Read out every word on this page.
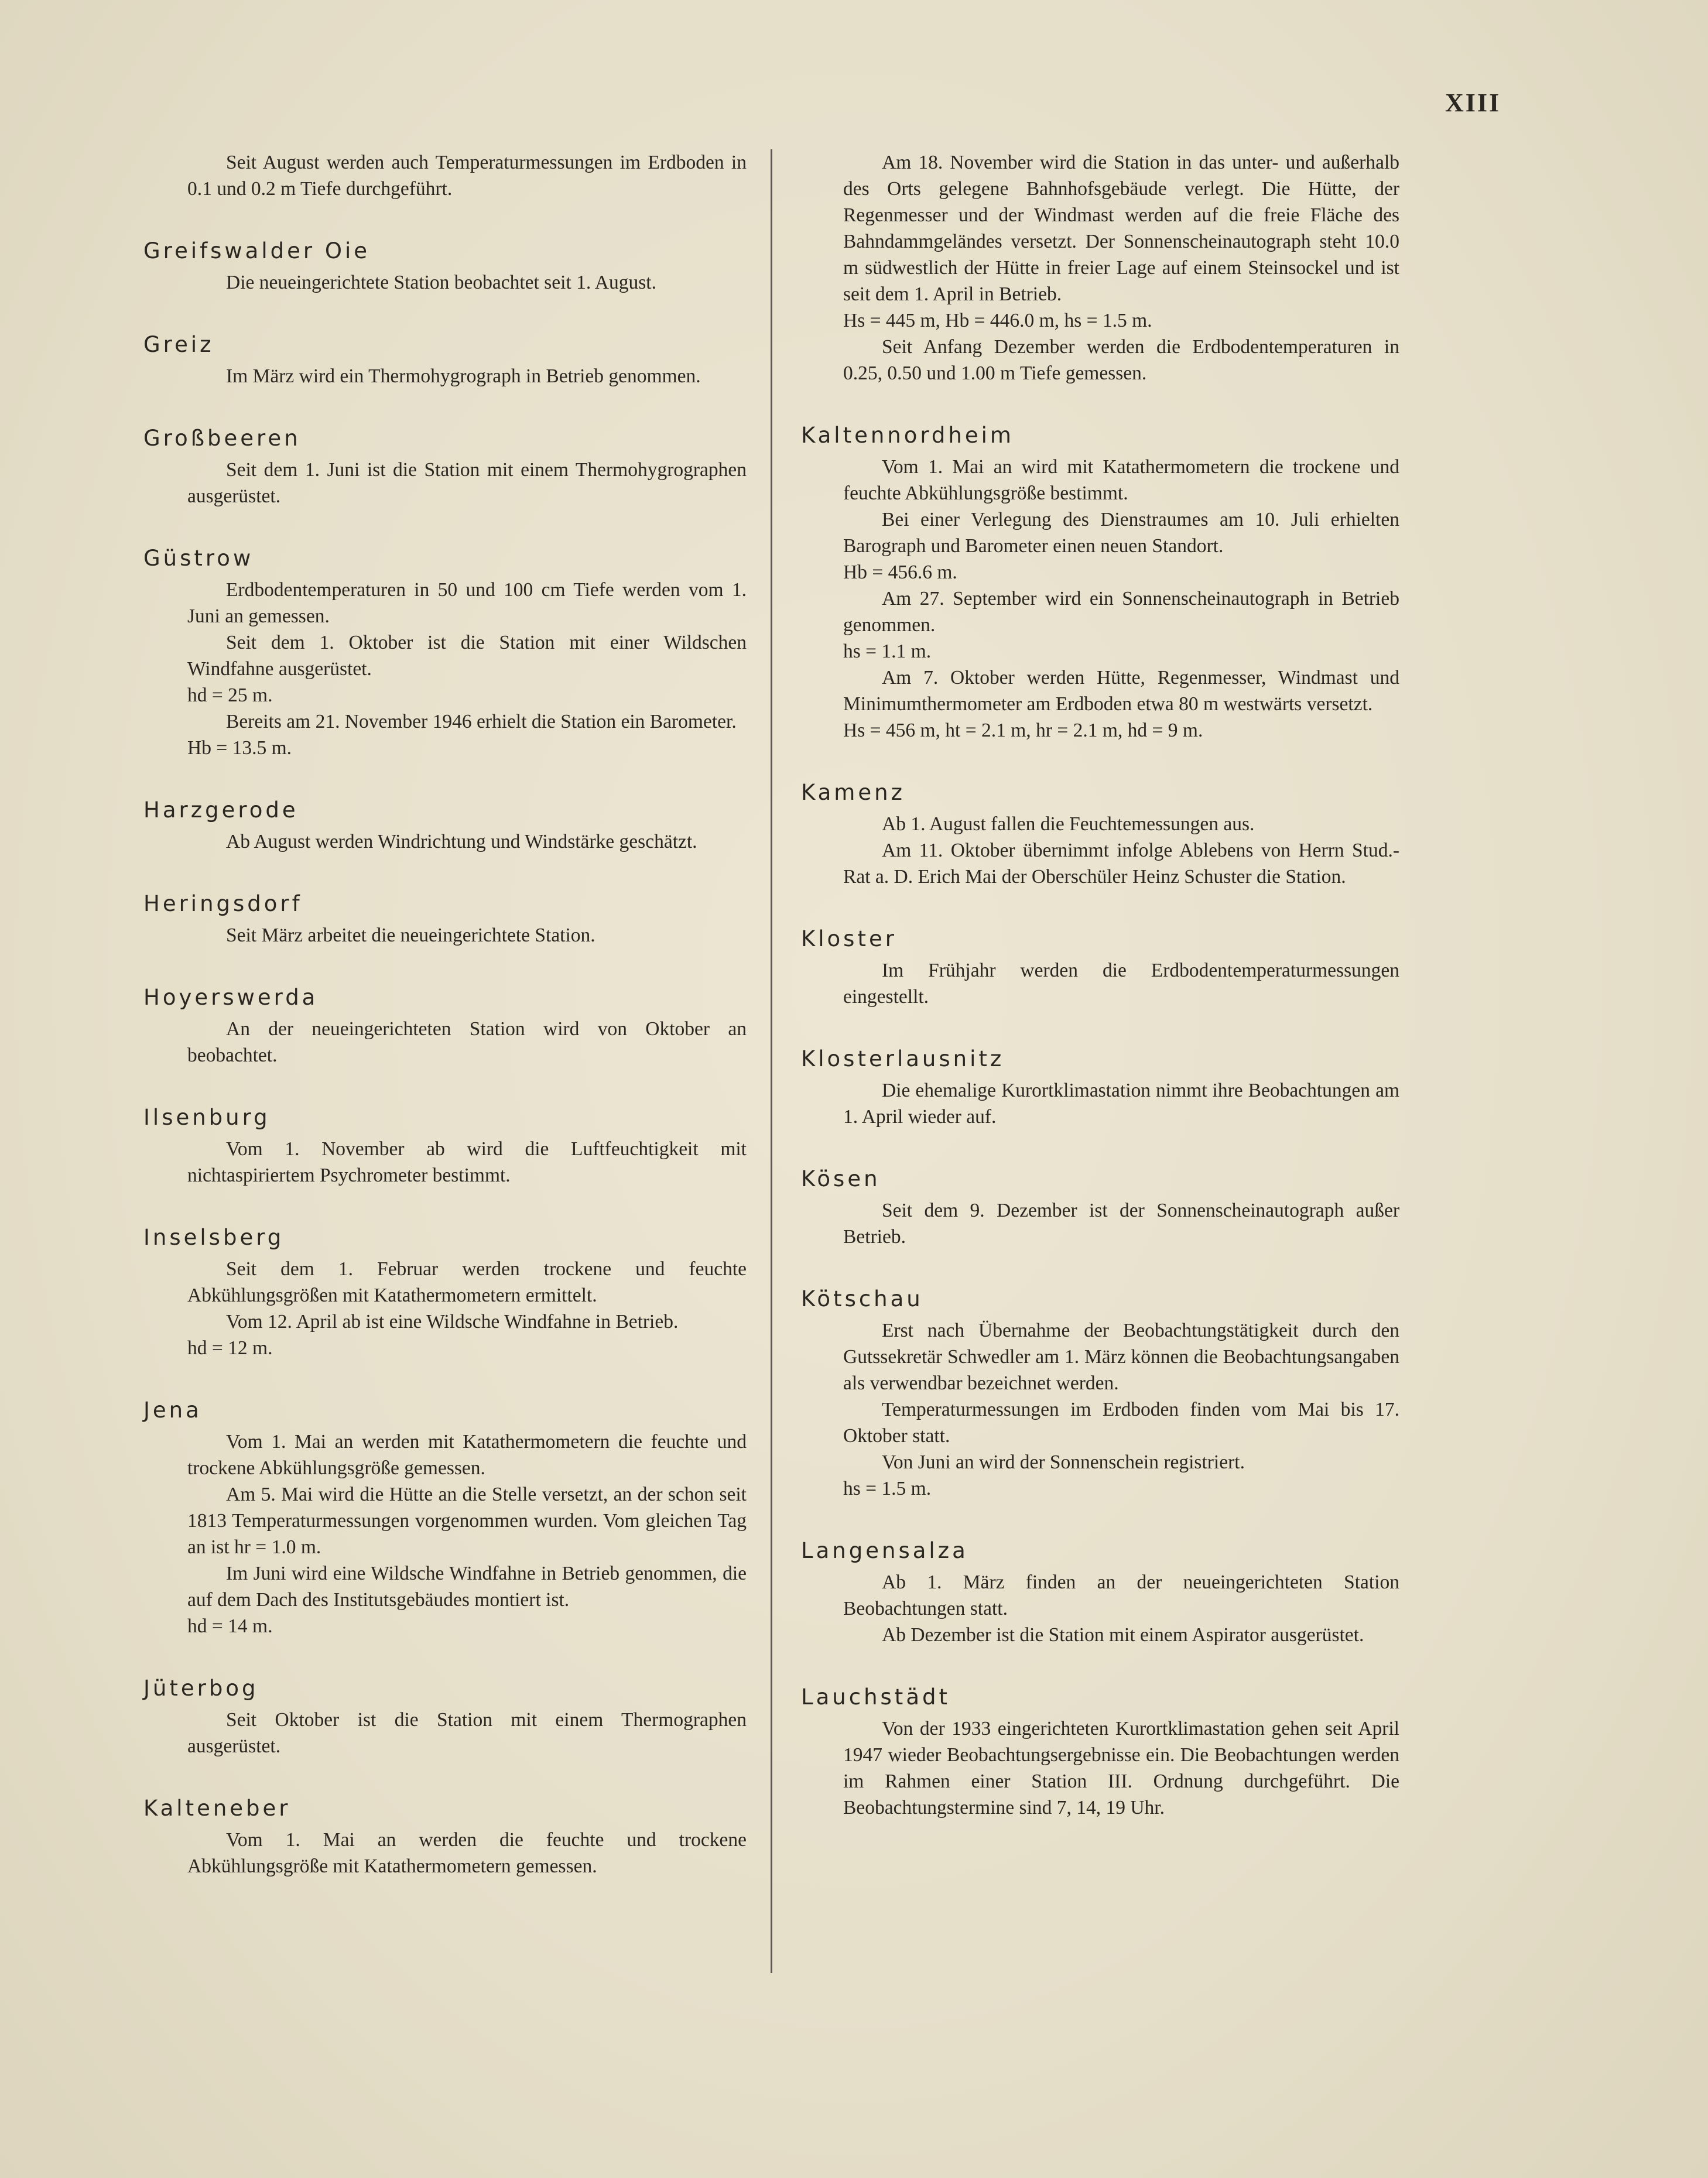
XIII

Seit August werden auch Temperaturmessungen im Erdboden in 0.1 und 0.2 m Tiefe durchgeführt.

Greifswalder Oie

Die neueingerichtete Station beobachtet seit 1. August.

Greiz

Im März wird ein Thermohygrograph in Betrieb genommen.

Großbeeren

Seit dem 1. Juni ist die Station mit einem Thermohygrographen ausgerüstet.

Güstrow

Erdbodentemperaturen in 50 und 100 cm Tiefe werden vom 1. Juni an gemessen.

Seit dem 1. Oktober ist die Station mit einer Wildschen Windfahne ausgerüstet.

hd = 25 m.

Bereits am 21. November 1946 erhielt die Station ein Barometer.

Hb = 13.5 m.

Harzgerode

Ab August werden Windrichtung und Windstärke geschätzt.

Heringsdorf

Seit März arbeitet die neueingerichtete Station.

Hoyerswerda

An der neueingerichteten Station wird von Oktober an beobachtet.

Ilsenburg

Vom 1. November ab wird die Luftfeuchtigkeit mit nichtaspiriertem Psychrometer bestimmt.

Inselsberg

Seit dem 1. Februar werden trockene und feuchte Abkühlungsgrößen mit Katathermometern ermittelt.

Vom 12. April ab ist eine Wildsche Windfahne in Betrieb.

hd = 12 m.

Jena

Vom 1. Mai an werden mit Katathermometern die feuchte und trockene Abkühlungsgröße gemessen.

Am 5. Mai wird die Hütte an die Stelle versetzt, an der schon seit 1813 Temperaturmessungen vorgenommen wurden. Vom gleichen Tag an ist hr = 1.0 m.

Im Juni wird eine Wildsche Windfahne in Betrieb genommen, die auf dem Dach des Institutsgebäudes montiert ist.

hd = 14 m.

Jüterbog

Seit Oktober ist die Station mit einem Thermographen ausgerüstet.

Kalteneber

Vom 1. Mai an werden die feuchte und trockene Abkühlungsgröße mit Katathermometern gemessen.

Am 18. November wird die Station in das unter- und außerhalb des Orts gelegene Bahnhofsgebäude verlegt. Die Hütte, der Regenmesser und der Windmast werden auf die freie Fläche des Bahndammgeländes versetzt. Der Sonnenscheinautograph steht 10.0 m südwestlich der Hütte in freier Lage auf einem Steinsockel und ist seit dem 1. April in Betrieb.

Hs = 445 m, Hb = 446.0 m, hs = 1.5 m.

Seit Anfang Dezember werden die Erdbodentemperaturen in 0.25, 0.50 und 1.00 m Tiefe gemessen.

Kaltennordheim

Vom 1. Mai an wird mit Katathermometern die trockene und feuchte Abkühlungsgröße bestimmt.

Bei einer Verlegung des Dienstraumes am 10. Juli erhielten Barograph und Barometer einen neuen Standort.

Hb = 456.6 m.

Am 27. September wird ein Sonnenscheinautograph in Betrieb genommen.

hs = 1.1 m.

Am 7. Oktober werden Hütte, Regenmesser, Windmast und Minimumthermometer am Erdboden etwa 80 m westwärts versetzt.

Hs = 456 m, ht = 2.1 m, hr = 2.1 m, hd = 9 m.

Kamenz

Ab 1. August fallen die Feuchtemessungen aus.

Am 11. Oktober übernimmt infolge Ablebens von Herrn Stud.-Rat a. D. Erich Mai der Oberschüler Heinz Schuster die Station.

Kloster

Im Frühjahr werden die Erdbodentemperaturmessungen eingestellt.

Klosterlausnitz

Die ehemalige Kurortklimastation nimmt ihre Beobachtungen am 1. April wieder auf.

Kösen

Seit dem 9. Dezember ist der Sonnenscheinautograph außer Betrieb.

Kötschau

Erst nach Übernahme der Beobachtungstätigkeit durch den Gutssekretär Schwedler am 1. März können die Beobachtungsangaben als verwendbar bezeichnet werden.

Temperaturmessungen im Erdboden finden vom Mai bis 17. Oktober statt.

Von Juni an wird der Sonnenschein registriert.

hs = 1.5 m.

Langensalza

Ab 1. März finden an der neueingerichteten Station Beobachtungen statt.

Ab Dezember ist die Station mit einem Aspirator ausgerüstet.

Lauchstädt

Von der 1933 eingerichteten Kurortklimastation gehen seit April 1947 wieder Beobachtungsergebnisse ein. Die Beobachtungen werden im Rahmen einer Station III. Ordnung durchgeführt. Die Beobachtungstermine sind 7, 14, 19 Uhr.
